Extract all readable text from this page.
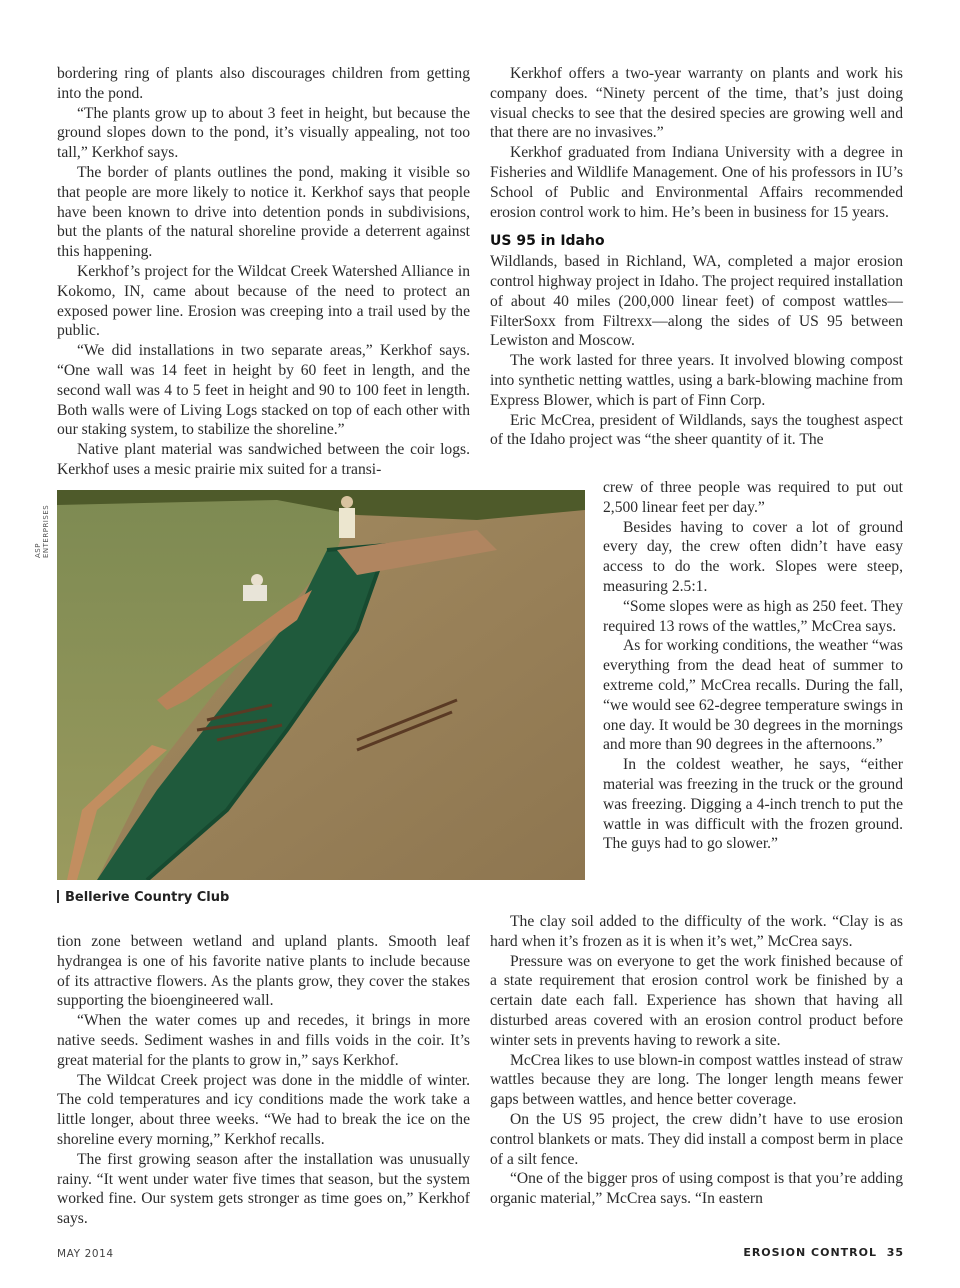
bordering ring of plants also discourages children from getting into the pond.

“The plants grow up to about 3 feet in height, but because the ground slopes down to the pond, it’s visually appealing, not too tall,” Kerkhof says.

The border of plants outlines the pond, making it visible so that people are more likely to notice it. Kerkhof says that people have been known to drive into detention ponds in subdivisions, but the plants of the natural shoreline provide a deterrent against this happening.

Kerkhof’s project for the Wildcat Creek Watershed Alliance in Kokomo, IN, came about because of the need to protect an exposed power line. Erosion was creeping into a trail used by the public.

“We did installations in two separate areas,” Kerkhof says. “One wall was 14 feet in height by 60 feet in length, and the second wall was 4 to 5 feet in height and 90 to 100 feet in length. Both walls were of Living Logs stacked on top of each other with our staking system, to stabilize the shoreline.”

Native plant material was sandwiched between the coir logs. Kerkhof uses a mesic prairie mix suited for a transi-

ASP ENTERPRISES
Bellerive Country Club

tion zone between wetland and upland plants. Smooth leaf hydrangea is one of his favorite native plants to include because of its attractive flowers. As the plants grow, they cover the stakes supporting the bioengineered wall.

“When the water comes up and recedes, it brings in more native seeds. Sediment washes in and fills voids in the coir. It’s great material for the plants to grow in,” says Kerkhof.

The Wildcat Creek project was done in the middle of winter. The cold temperatures and icy conditions made the work take a little longer, about three weeks. “We had to break the ice on the shoreline every morning,” Kerkhof recalls.

The first growing season after the installation was unusually rainy. “It went under water five times that season, but the system worked fine. Our system gets stronger as time goes on,” Kerkhof says.

Kerkhof offers a two-year warranty on plants and work his company does. “Ninety percent of the time, that’s just doing visual checks to see that the desired species are growing well and that there are no invasives.”

Kerkhof graduated from Indiana University with a degree in Fisheries and Wildlife Management. One of his professors in IU’s School of Public and Environmental Affairs recommended erosion control work to him. He’s been in business for 15 years.

US 95 in Idaho

Wildlands, based in Richland, WA, completed a major erosion control highway project in Idaho. The project required installation of about 40 miles (200,000 linear feet) of compost wattles—FilterSoxx from Filtrexx—along the sides of US 95 between Lewiston and Moscow.

The work lasted for three years. It involved blowing compost into synthetic netting wattles, using a bark-blowing machine from Express Blower, which is part of Finn Corp.

Eric McCrea, president of Wildlands, says the toughest aspect of the Idaho project was “the sheer quantity of it. The

crew of three people was required to put out 2,500 linear feet per day.”

Besides having to cover a lot of ground every day, the crew often didn’t have easy access to do the work. Slopes were steep, measuring 2.5:1.

“Some slopes were as high as 250 feet. They required 13 rows of the wattles,” McCrea says.

As for working conditions, the weather “was everything from the dead heat of summer to extreme cold,” McCrea recalls. During the fall, “we would see 62-degree temperature swings in one day. It would be 30 degrees in the mornings and more than 90 degrees in the afternoons.”

In the coldest weather, he says, “either material was freezing in the truck or the ground was freezing. Digging a 4-inch trench to put the wattle in was difficult with the frozen ground. The guys had to go slower.”

The clay soil added to the difficulty of the work. “Clay is as hard when it’s frozen as it is when it’s wet,” McCrea says.

Pressure was on everyone to get the work finished because of a state requirement that erosion control work be finished by a certain date each fall. Experience has shown that having all disturbed areas covered with an erosion control product before winter sets in prevents having to rework a site.

McCrea likes to use blown-in compost wattles instead of straw wattles because they are long. The longer length means fewer gaps between wattles, and hence better coverage.

On the US 95 project, the crew didn’t have to use erosion control blankets or mats. They did install a compost berm in place of a silt fence.

“One of the bigger pros of using compost is that you’re adding organic material,” McCrea says. “In eastern

MAY 2014	EROSION CONTROL 35
